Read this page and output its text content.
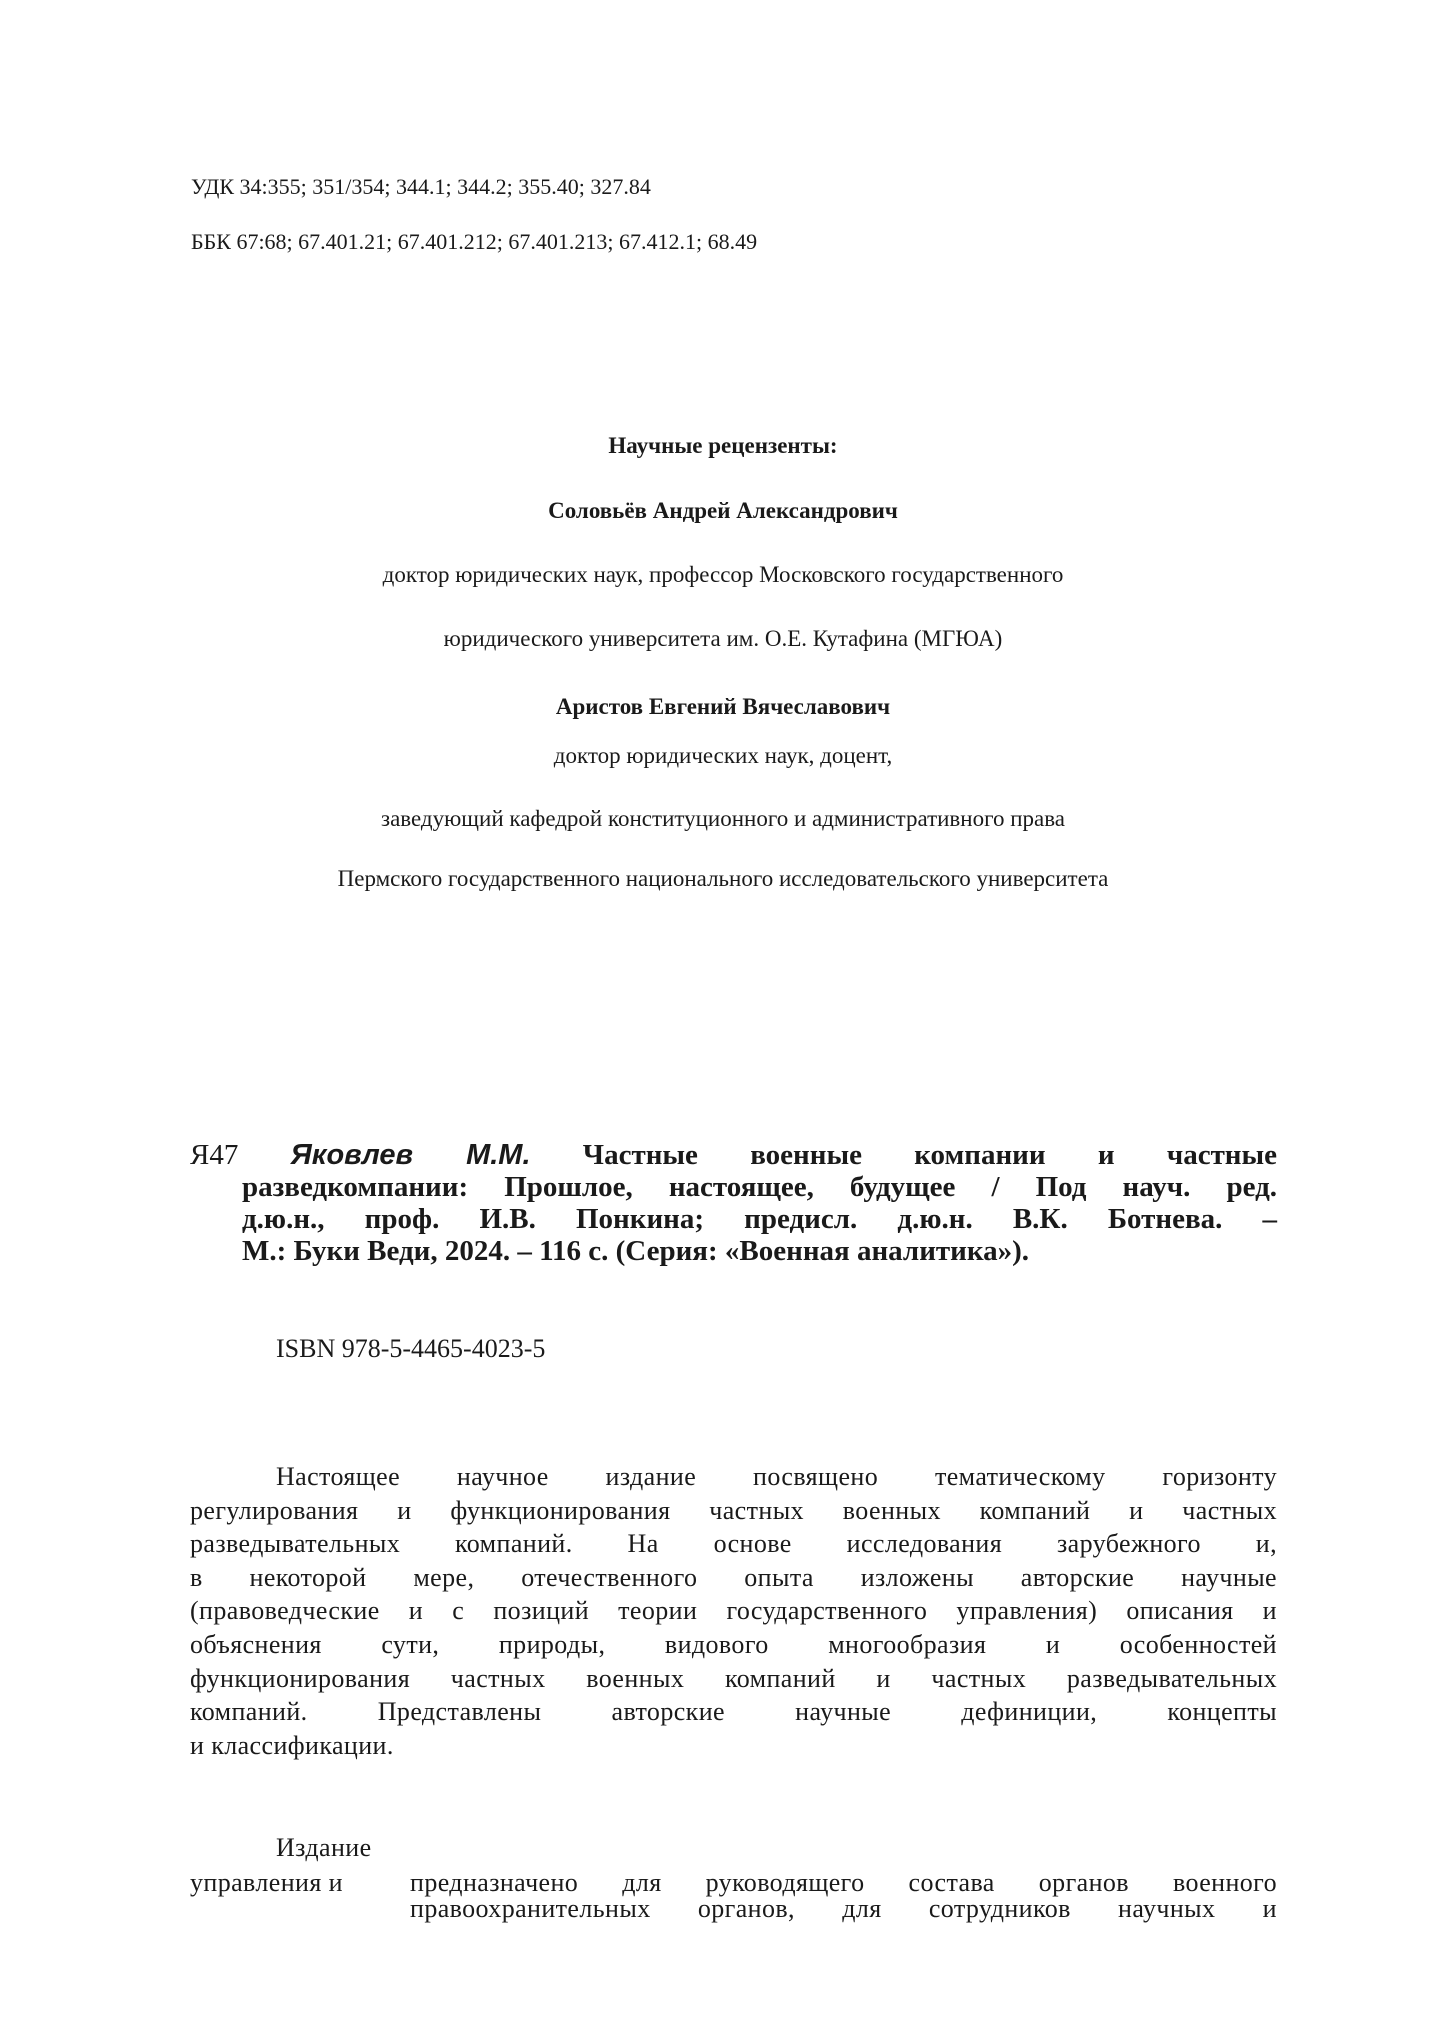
УДК 34:355; 351/354; 344.1; 344.2; 355.40; 327.84
ББК 67:68; 67.401.21; 67.401.212; 67.401.213; 67.412.1; 68.49
Научные рецензенты:
Соловьёв Андрей Александрович
доктор юридических наук, профессор Московского государственного
юридического университета им. О.Е. Кутафина (МГЮА)
Аристов Евгений Вячеславович
доктор юридических наук, доцент,
заведующий кафедрой конституционного и административного права
Пермского государственного национального исследовательского университета
Я47 Яковлев М.М. Частные военные компании и частные
разведкомпании: Прошлое, настоящее, будущее / Под науч. ред.
д.ю.н., проф. И.В. Понкина; предисл. д.ю.н. В.К. Ботнева. –
М.: Буки Веди, 2024. – 116 с. (Серия: «Военная аналитика»).
ISBN 978-5-4465-4023-5
Настоящее научное издание посвящено тематическому горизонту
регулирования и функционирования частных военных компаний и частных
разведывательных компаний. На основе исследования зарубежного и,
в некоторой мере, отечественного опыта изложены авторские научные
(правоведческие и с позиций теории государственного управления) описания и
объяснения сути, природы, видового многообразия и особенностей
функционирования частных военных компаний и частных разведывательных
компаний. Представлены авторские научные дефиниции, концепты
и классификации.
Издание
управления и	предназначено для руководящего состава органов военного
правоохранительных органов, для сотрудников научных и
